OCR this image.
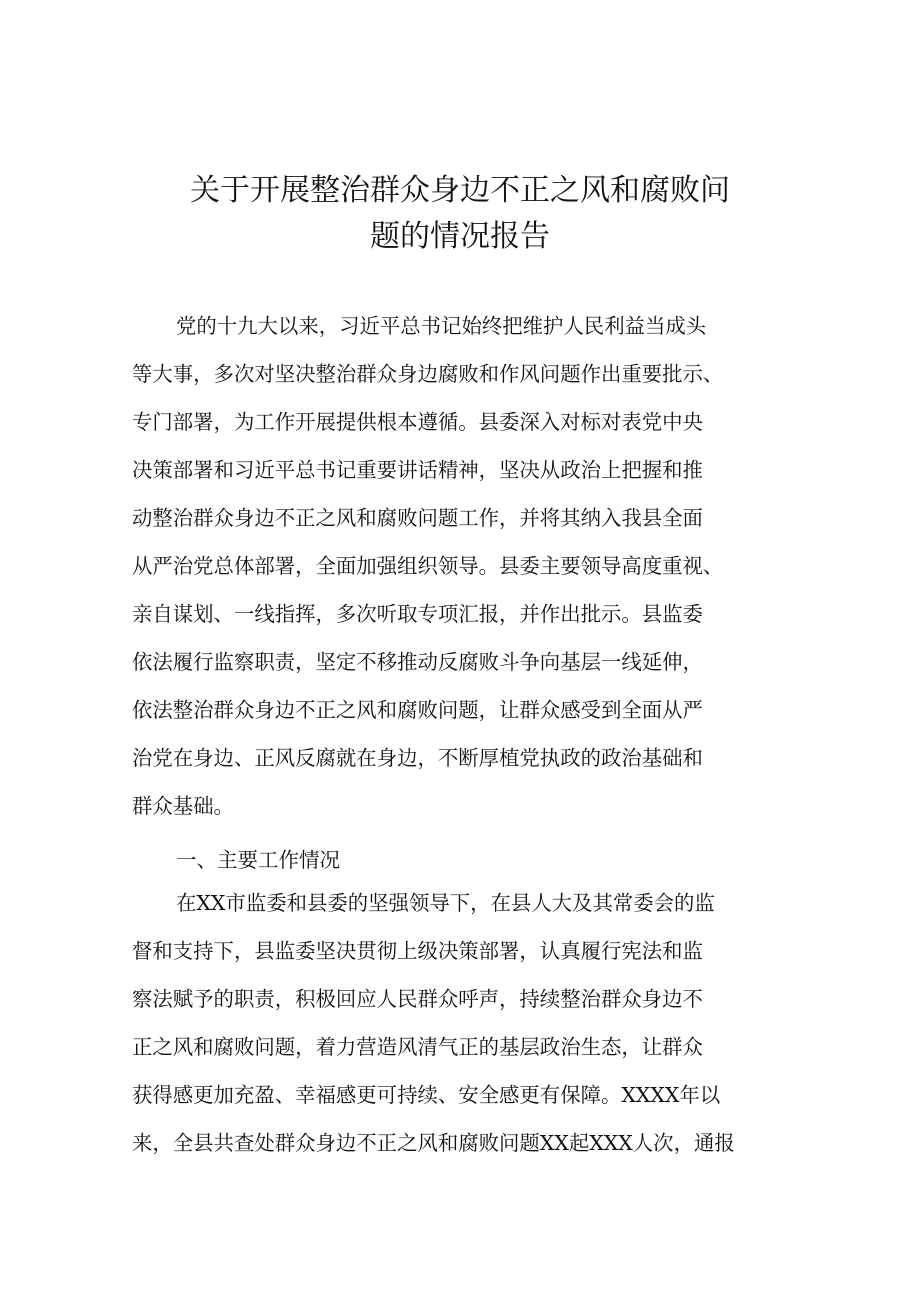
关于开展整治群众身边不正之风和腐败问
题的情况报告
党的十九大以来，习近平总书记始终把维护人民利益当成头
等大事，多次对坚决整治群众身边腐败和作风问题作出重要批示、
专门部署，为工作开展提供根本遵循。县委深入对标对表党中央
决策部署和习近平总书记重要讲话精神，坚决从政治上把握和推
动整治群众身边不正之风和腐败问题工作，并将其纳入我县全面
从严治党总体部署，全面加强组织领导。县委主要领导高度重视、
亲自谋划、一线指挥，多次听取专项汇报，并作出批示。县监委
依法履行监察职责，坚定不移推动反腐败斗争向基层一线延伸，
依法整治群众身边不正之风和腐败问题，让群众感受到全面从严
治党在身边、正风反腐就在身边，不断厚植党执政的政治基础和
群众基础。
一、主要工作情况
在XX市监委和县委的坚强领导下，在县人大及其常委会的监
督和支持下，县监委坚决贯彻上级决策部署，认真履行宪法和监
察法赋予的职责，积极回应人民群众呼声，持续整治群众身边不
正之风和腐败问题，着力营造风清气正的基层政治生态，让群众
获得感更加充盈、幸福感更可持续、安全感更有保障。XXXX年以
来，全县共查处群众身边不正之风和腐败问题XX起XXX人次，通报
